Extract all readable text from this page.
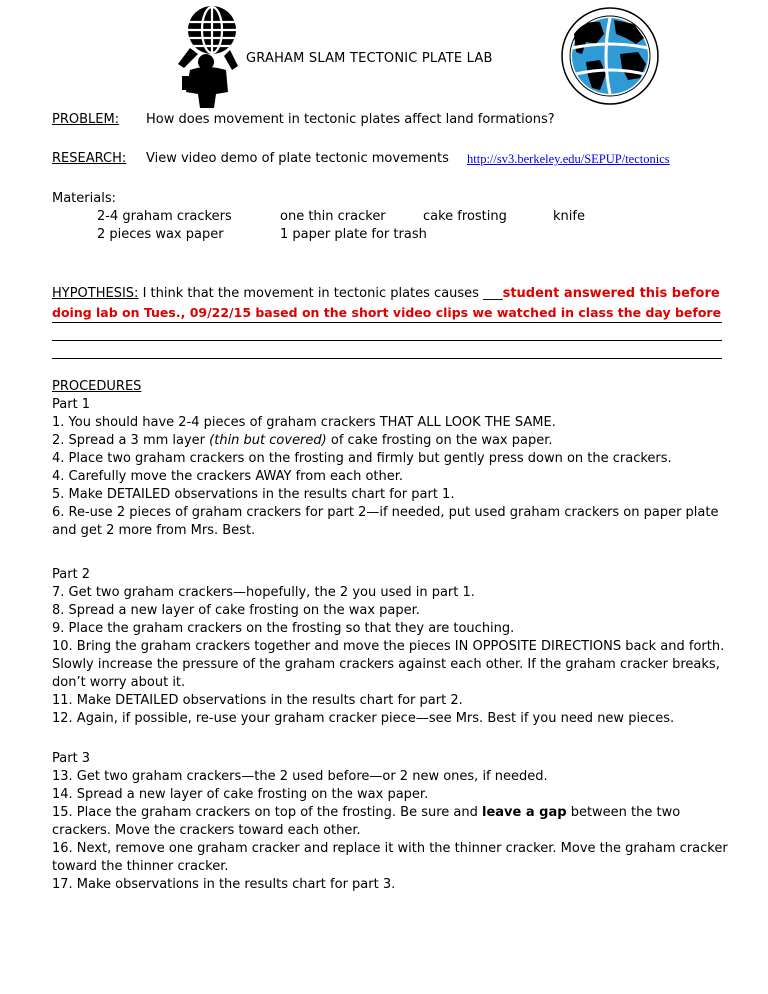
GRAHAM SLAM TECTONIC PLATE LAB
PROBLEM: How does movement in tectonic plates affect land formations?
RESEARCH: View video demo of plate tectonic movements http://sv3.berkeley.edu/SEPUP/tectonics
Materials:
2-4 graham crackers
2 pieces wax paper
one thin cracker	cake frosting
1 paper plate for trash
knife
HYPOTHESIS: I think that the movement in tectonic plates causes ___student answered this before
doing lab on Tues., 09/22/15 based on the short video clips we watched in class the day before
PROCEDURES
Part 1
1. You should have 2-4 pieces of graham crackers THAT ALL LOOK THE SAME.
2. Spread a 3 mm layer (thin but covered) of cake frosting on the wax paper.
4. Place two graham crackers on the frosting and firmly but gently press down on the crackers.
4. Carefully move the crackers AWAY from each other.
5. Make DETAILED observations in the results chart for part 1.
6. Re-use 2 pieces of graham crackers for part 2—if needed, put used graham crackers on paper plate and get 2 more from Mrs. Best.
Part 2
7. Get two graham crackers—hopefully, the 2 you used in part 1.
8. Spread a new layer of cake frosting on the wax paper.
9. Place the graham crackers on the frosting so that they are touching.
10. Bring the graham crackers together and move the pieces IN OPPOSITE DIRECTIONS back and forth. Slowly increase the pressure of the graham crackers against each other. If the graham cracker breaks, don’t worry about it.
11. Make DETAILED observations in the results chart for part 2.
12. Again, if possible, re-use your graham cracker piece—see Mrs. Best if you need new pieces.
Part 3
13. Get two graham crackers—the 2 used before—or 2 new ones, if needed.
14. Spread a new layer of cake frosting on the wax paper.
15. Place the graham crackers on top of the frosting. Be sure and leave a gap between the two crackers. Move the crackers toward each other.
16. Next, remove one graham cracker and replace it with the thinner cracker. Move the graham cracker toward the thinner cracker.
17. Make observations in the results chart for part 3.
